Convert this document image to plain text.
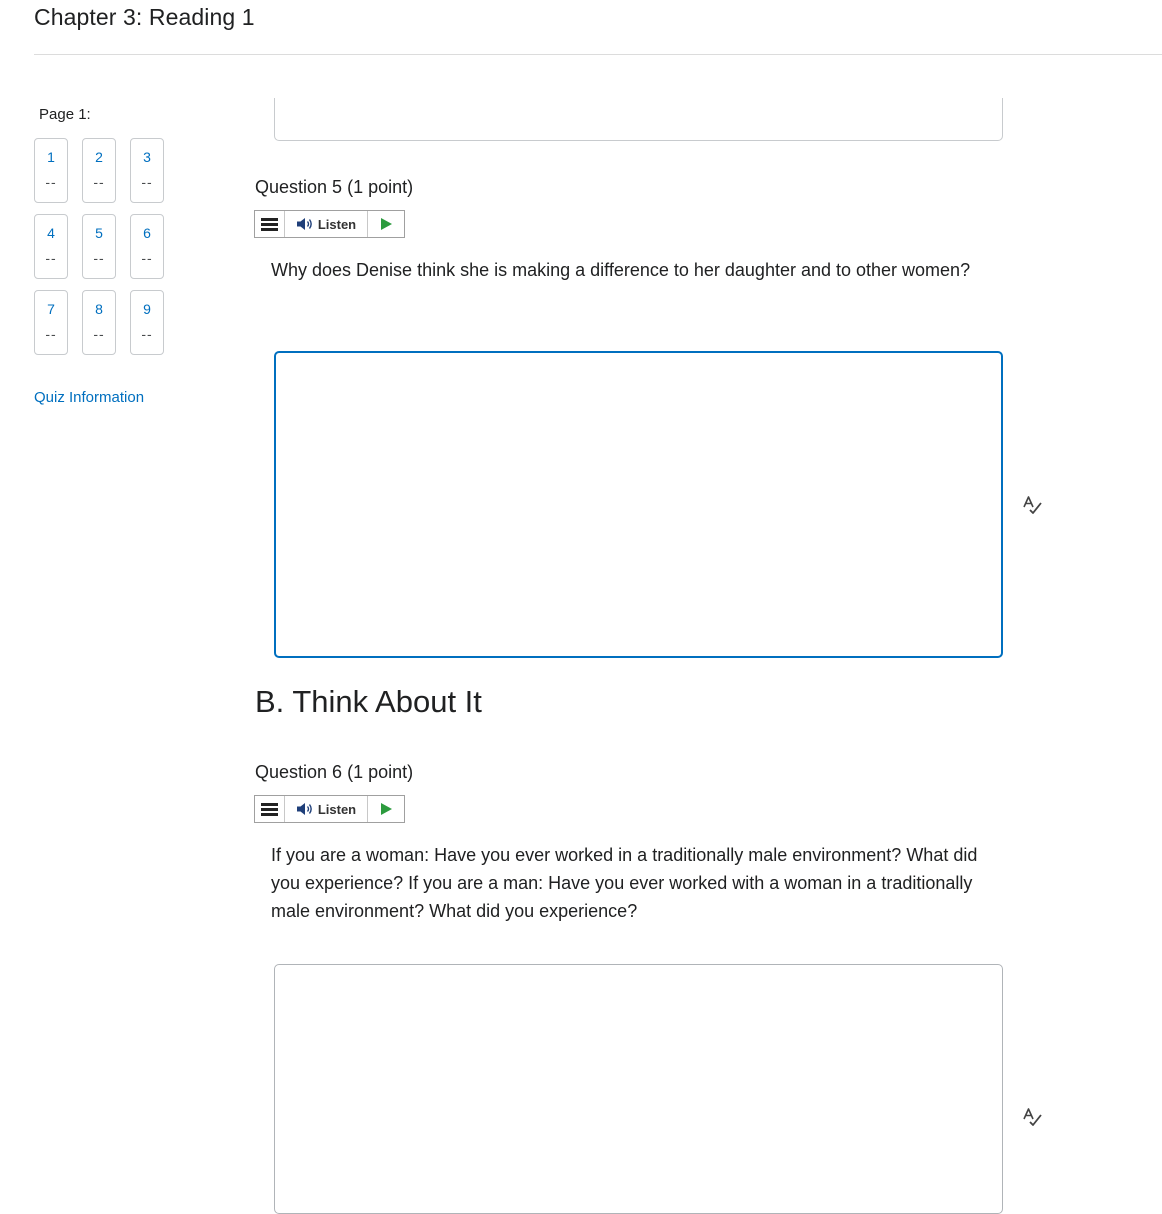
Chapter 3: Reading 1
Page 1:
1
--
2
--
3
--
4
--
5
--
6
--
7
--
8
--
9
--
Quiz Information
Question 5 (1 point)
Listen

Why does Denise think she is making a difference to her daughter and to other women?

B. Think About It
Question 6 (1 point)
Listen

If you are a woman: Have you ever worked in a traditionally male environment? What did you experience? If you are a man: Have you ever worked with a woman in a traditionally male environment? What did you experience?
